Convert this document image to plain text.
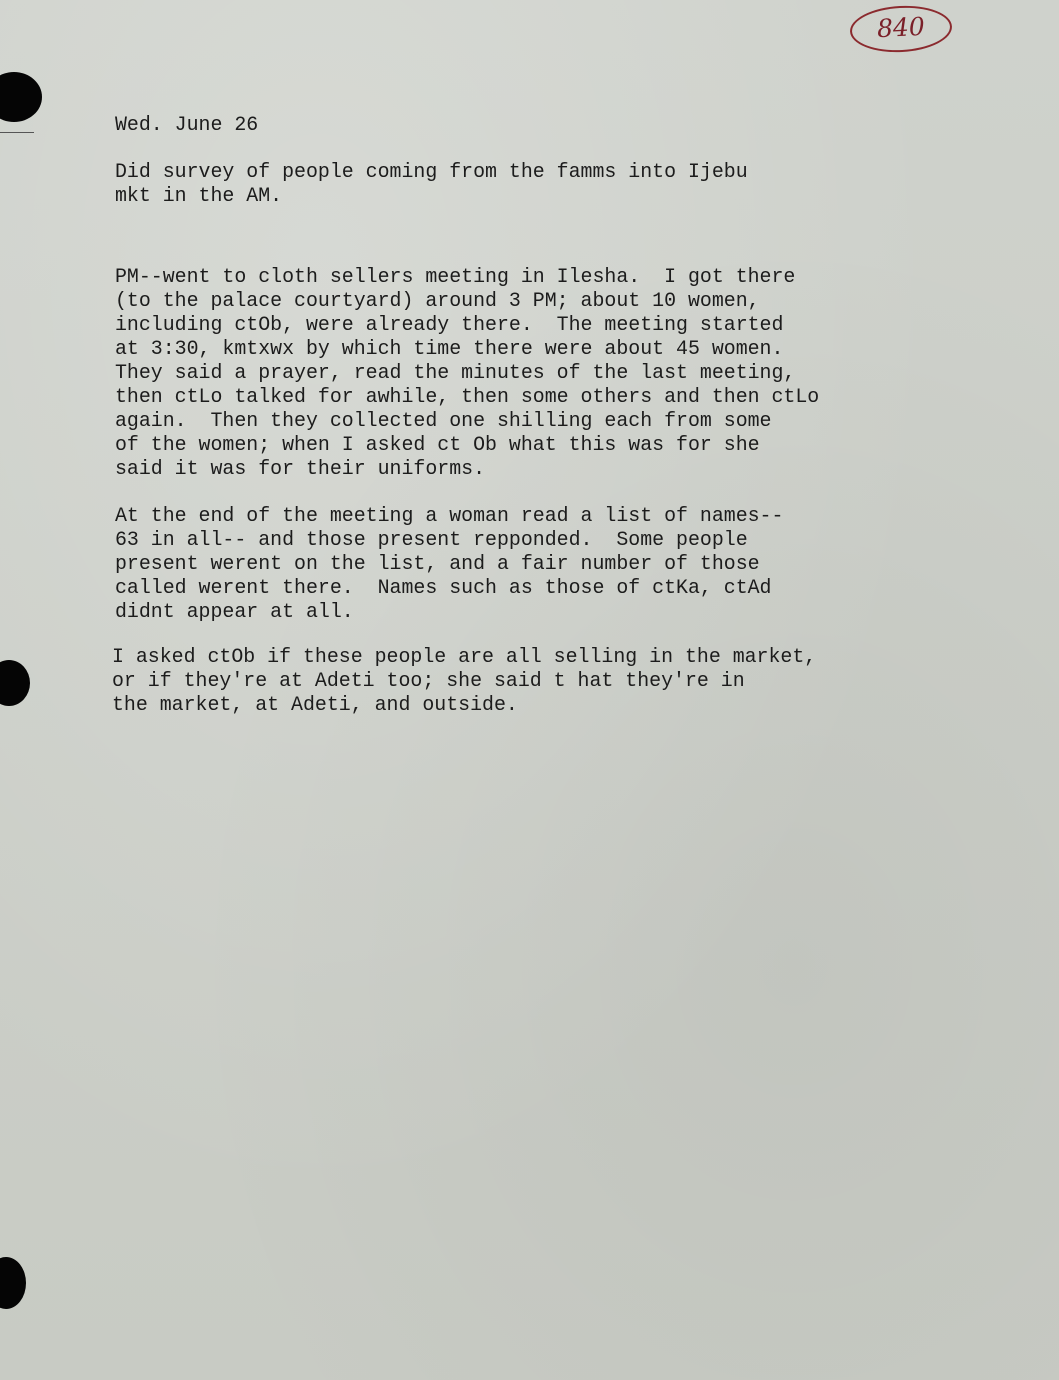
840

Wed. June 26

Did survey of people coming from the famms into Ijebu
mkt in the AM.

PM--went to cloth sellers meeting in Ilesha.  I got there
(to the palace courtyard) around 3 PM; about 10 women,
including ctOb, were already there.  The meeting started
at 3:30, kmtxwx by which time there were about 45 women.
They said a prayer, read the minutes of the last meeting,
then ctLo talked for awhile, then some others and then ctLo
again.  Then they collected one shilling each from some
of the women; when I asked ct Ob what this was for she
said it was for their uniforms.

At the end of the meeting a woman read a list of names--
63 in all-- and those present repponded.  Some people
present werent on the list, and a fair number of those
called werent there.  Names such as those of ctKa, ctAd
didnt appear at all.

I asked ctOb if these people are all selling in the market,
or if they're at Adeti too; she said t hat they're in
the market, at Adeti, and outside.
